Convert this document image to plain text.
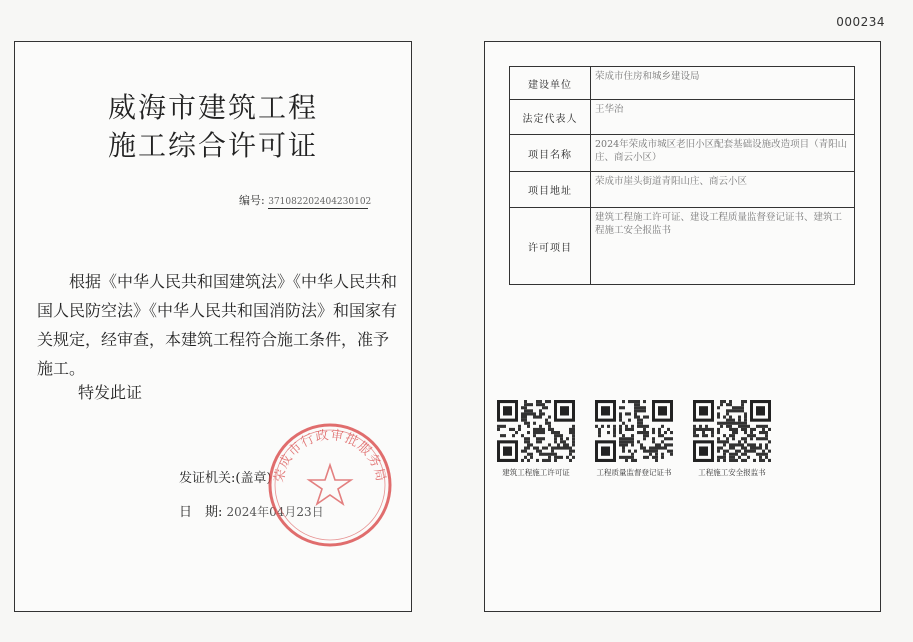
000234
威海市建筑工程
施工综合许可证
编号: 371082202404230102

根据《中华人民共和国建筑法》《中华人民共和国人民防空法》《中华人民共和国消防法》和国家有关规定，经审查，本建筑工程符合施工条件，准予施工。

特发此证
发证机关:(盖章)
日　期: 2024年04月23日
荣成市行政审批服务局
建设单位	荣成市住房和城乡建设局
法定代表人	王华治
项目名称	2024年荣成市城区老旧小区配套基础设施改造项目（青阳山庄、商云小区）
项目地址	荣成市崖头街道青阳山庄、商云小区
许可项目	建筑工程施工许可证、建设工程质量监督登记证书、建筑工程施工安全报监书
建筑工程施工许可证	工程质量监督登记证书	工程施工安全报监书
